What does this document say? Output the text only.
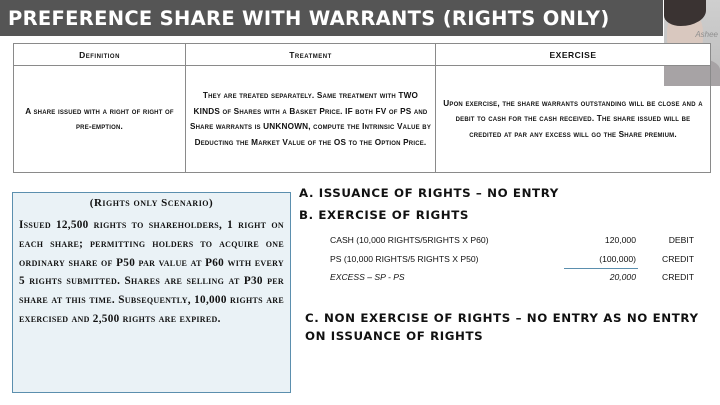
PREFERENCE SHARE WITH WARRANTS (RIGHTS ONLY)
Ashee
Definition	Treatment	EXERCISE
A share issued with a right of right of pre-emption.	They are treated separately. Same treatment with TWO KINDS of Shares with a Basket Price. IF both FV of PS and Share warrants is UNKNOWN, compute the Intrinsic Value by Deducting the Market Value of the OS to the Option Price.	Upon exercise, the share warrants outstanding will be close and a debit to cash for the cash received. The share issued will be credited at par any excess will go the Share premium.
(Rights only Scenario)
Issued 12,500 rights to shareholders, 1 right on each share; permitting holders to acquire one ordinary share of P50 par value at P60 with every 5 rights submitted. Shares are selling at P30 per share at this time. Subsequently, 10,000 rights are exercised and 2,500 rights are expired.
A. ISSUANCE OF RIGHTS – NO ENTRY
B. EXERCISE OF RIGHTS
CASH (10,000 RIGHTS/5RIGHTS X P60)	120,000	DEBIT
PS (10,000 RIGHTS/5 RIGHTS X P50)	(100,000)	CREDIT
EXCESS – SP - PS	20,000	CREDIT
C. NON EXERCISE OF RIGHTS – NO ENTRY AS NO ENTRY ON ISSUANCE OF RIGHTS
